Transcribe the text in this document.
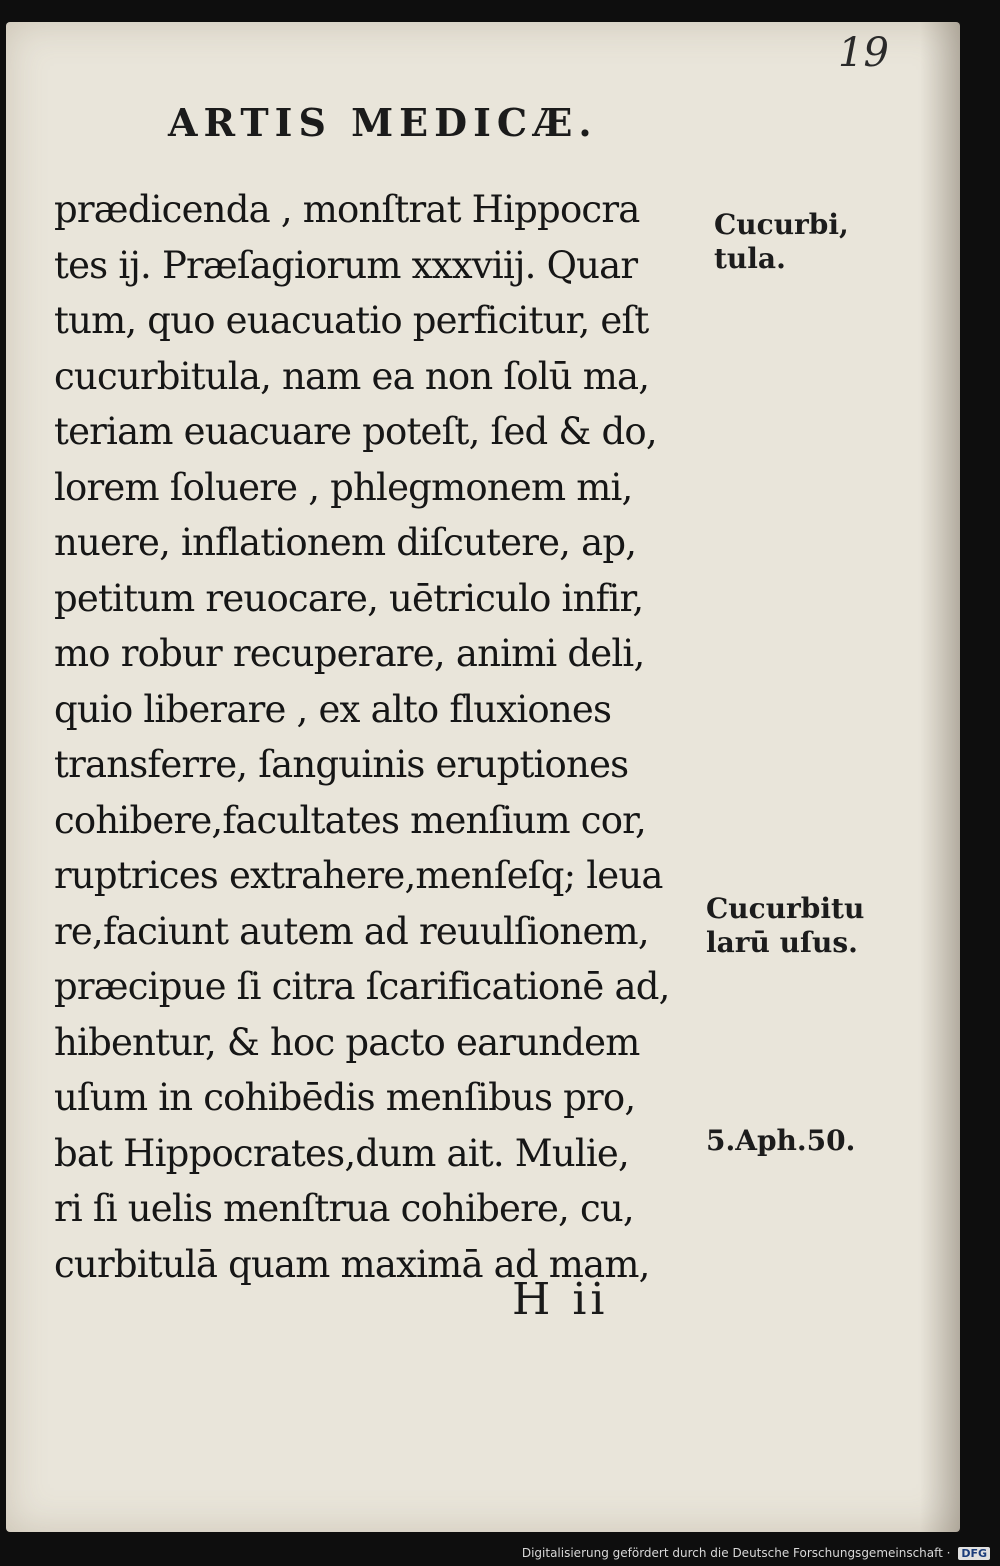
19
ARTIS MEDICÆ.
prædicenda , monſtrat Hippocra
tes ij. Præſagiorum xxxviij. Quar
tum, quo euacuatio perficitur, eſt
cucurbitula, nam ea non ſolū ma,
teriam euacuare poteſt, ſed & do,
lorem ſoluere , phlegmonem mi,
nuere, inflationem diſcutere, ap,
petitum reuocare, uētriculo infir,
mo robur recuperare, animi deli,
quio liberare , ex alto fluxiones
transferre, ſanguinis eruptiones
cohibere,facultates menſium cor,
ruptrices extrahere,menſeſq; leua
re,faciunt autem ad reuulſionem,
præcipue ſi citra ſcarificationē ad,
hibentur, & hoc pacto earundem
uſum in cohibēdis menſibus pro,
bat Hippocrates,dum ait. Mulie,
ri ſi uelis menſtrua cohibere, cu,
curbitulā quam maximā ad mam,
H ii
Cucurbi,
tula.
Cucurbitu
larū uſus.
5.Aph.50.
Digitalisierung gefördert durch die Deutsche Forschungsgemeinschaft · DFG
